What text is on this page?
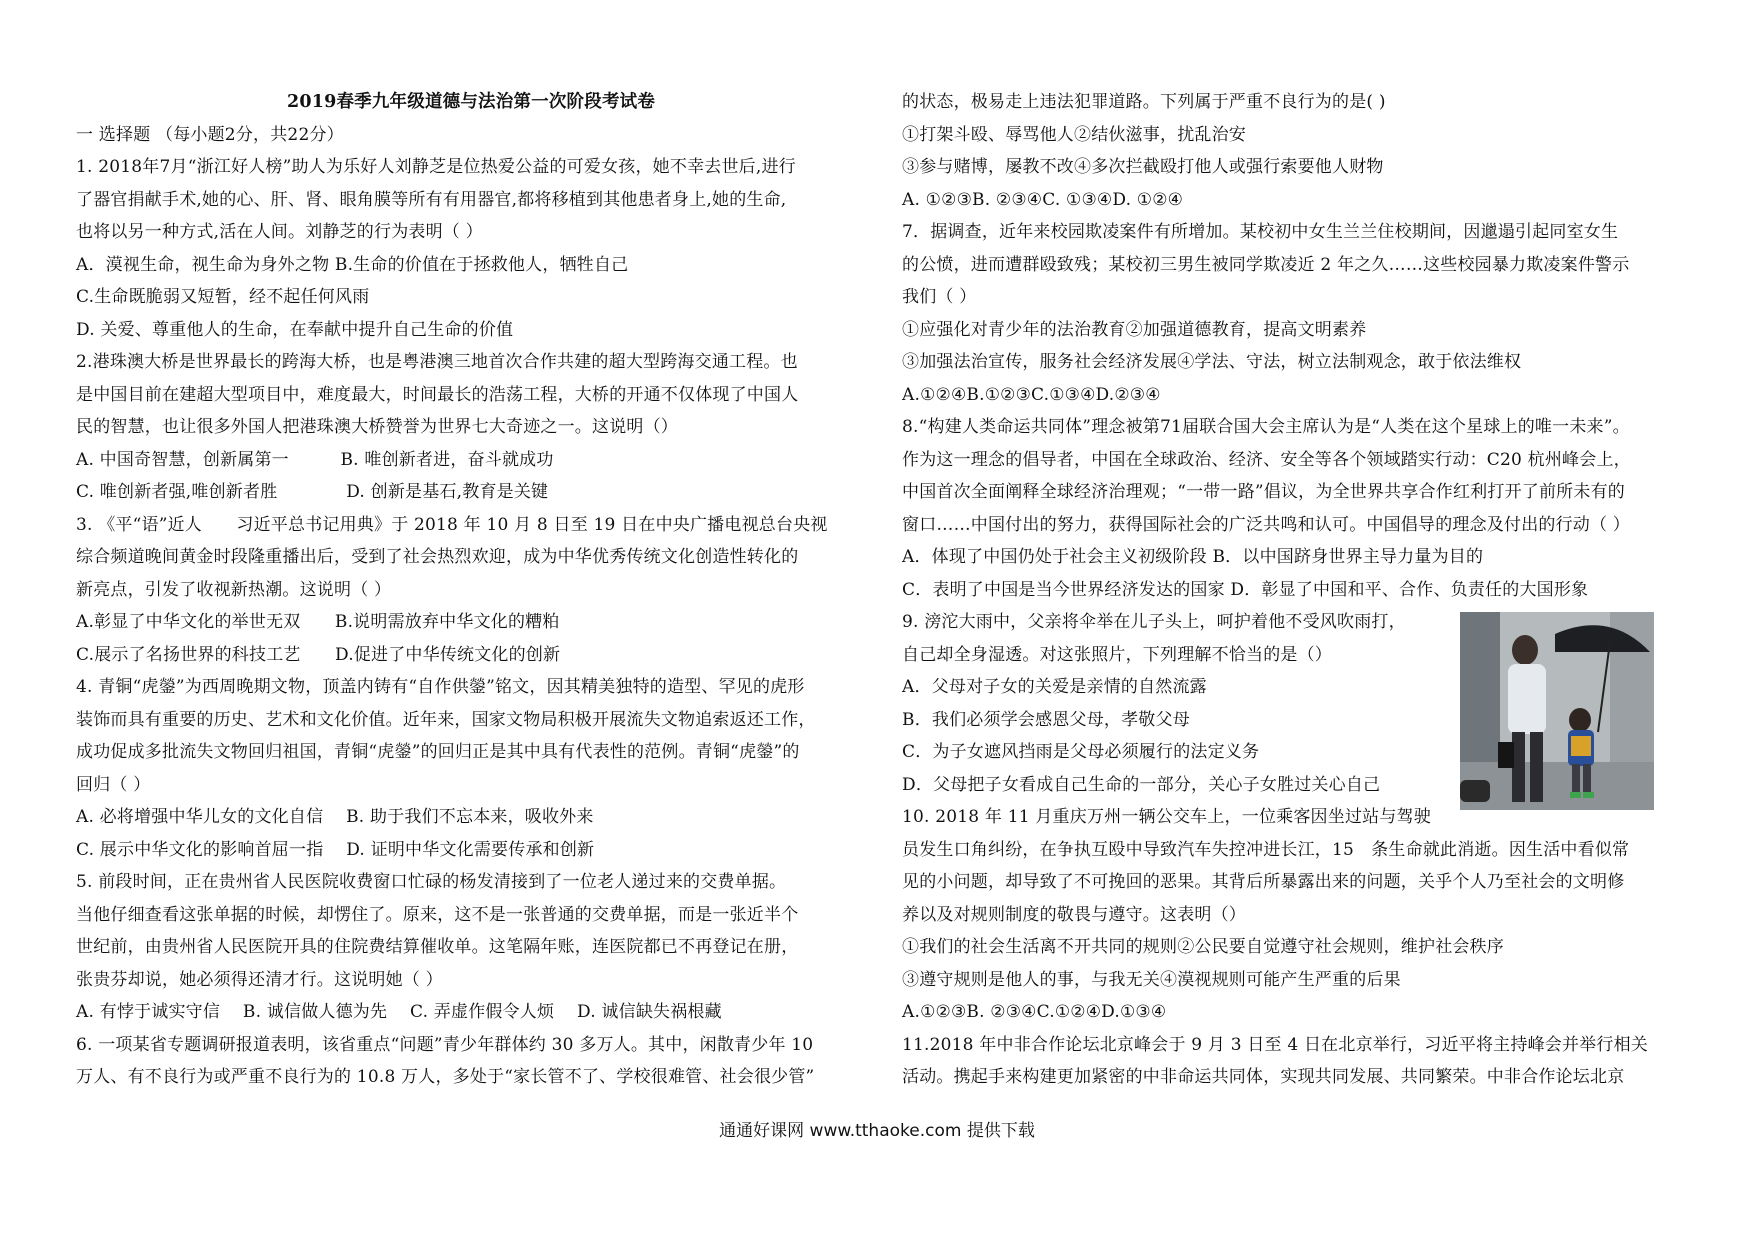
2019春季九年级道德与法治第一次阶段考试卷
一 选择题 （每小题2分，共22分）
1. 2018年7月“浙江好人榜”助人为乐好人刘静芝是位热爱公益的可爱女孩，她不幸去世后,进行
了器官捐献手术,她的心、肝、肾、眼角膜等所有有用器官,都将移植到其他患者身上,她的生命,
也将以另一种方式,活在人间。刘静芝的行为表明（ ）
A．漠视生命，视生命为身外之物 B.生命的价值在于拯救他人，牺牲自己
C.生命既脆弱又短暂，经不起任何风雨
D. 关爱、尊重他人的生命，在奉献中提升自己生命的价值
2.港珠澳大桥是世界最长的跨海大桥，也是粤港澳三地首次合作共建的超大型跨海交通工程。也
是中国目前在建超大型项目中，难度最大，时间最长的浩荡工程，大桥的开通不仅体现了中国人
民的智慧，也让很多外国人把港珠澳大桥赞誉为世界七大奇迹之一。这说明（）
A. 中国奇智慧，创新属第一　　　B. 唯创新者进，奋斗就成功
C. 唯创新者强,唯创新者胜　　　　D. 创新是基石,教育是关键
3. 《平“语”近人　　习近平总书记用典》于 2018 年 10 月 8 日至 19 日在中央广播电视总台央视
综合频道晚间黄金时段隆重播出后，受到了社会热烈欢迎，成为中华优秀传统文化创造性转化的
新亮点，引发了收视新热潮。这说明（ ）
A.彰显了中华文化的举世无双　　B.说明需放弃中华文化的糟粕
C.展示了名扬世界的科技工艺　　D.促进了中华传统文化的创新
4. 青铜“虎鎣”为西周晚期文物，顶盖内铸有“自作供鎣”铭文，因其精美独特的造型、罕见的虎形
装饰而具有重要的历史、艺术和文化价值。近年来，国家文物局积极开展流失文物追索返还工作，
成功促成多批流失文物回归祖国，青铜“虎鎣”的回归正是其中具有代表性的范例。青铜“虎鎣”的
回归（ ）
A. 必将增强中华儿女的文化自信　 B. 助于我们不忘本来，吸收外来
C. 展示中华文化的影响首屈一指　 D. 证明中华文化需要传承和创新
5. 前段时间，正在贵州省人民医院收费窗口忙碌的杨发清接到了一位老人递过来的交费单据。
当他仔细查看这张单据的时候，却愣住了。原来，这不是一张普通的交费单据，而是一张近半个
世纪前，由贵州省人民医院开具的住院费结算催收单。这笔隔年账，连医院都已不再登记在册，
张贵芬却说，她必须得还清才行。这说明她（ ）
A. 有悖于诚实守信　 B. 诚信做人德为先　 C. 弄虚作假令人烦　 D. 诚信缺失祸根藏
6. 一项某省专题调研报道表明，该省重点“问题”青少年群体约 30 多万人。其中，闲散青少年 10
万人、有不良行为或严重不良行为的 10.8 万人，多处于“家长管不了、学校很难管、社会很少管”
的状态，极易走上违法犯罪道路。下列属于严重不良行为的是( )
①打架斗殴、辱骂他人②结伙滋事，扰乱治安
③参与赌博，屡教不改④多次拦截殴打他人或强行索要他人财物
A. ①②③B. ②③④C. ①③④D. ①②④
7．据调查，近年来校园欺凌案件有所增加。某校初中女生兰兰住校期间，因邋遢引起同室女生
的公愤，进而遭群殴致残；某校初三男生被同学欺凌近 2 年之久……这些校园暴力欺凌案件警示
我们（ ）
①应强化对青少年的法治教育②加强道德教育，提高文明素养
③加强法治宣传，服务社会经济发展④学法、守法，树立法制观念，敢于依法维权
A.①②④B.①②③C.①③④D.②③④
8.“构建人类命运共同体”理念被第71届联合国大会主席认为是“人类在这个星球上的唯一未来”。
作为这一理念的倡导者，中国在全球政治、经济、安全等各个领域踏实行动：C20 杭州峰会上，
中国首次全面阐释全球经济治理观；“一带一路”倡议，为全世界共享合作红利打开了前所未有的
窗口……中国付出的努力，获得国际社会的广泛共鸣和认可。中国倡导的理念及付出的行动（ ）
A．体现了中国仍处于社会主义初级阶段 B．以中国跻身世界主导力量为目的
C．表明了中国是当今世界经济发达的国家 D．彰显了中国和平、合作、负责任的大国形象
9. 滂沱大雨中，父亲将伞举在儿子头上，呵护着他不受风吹雨打，
自己却全身湿透。对这张照片，下列理解不恰当的是（）
A．父母对子女的关爱是亲情的自然流露
B．我们必须学会感恩父母，孝敬父母
C．为子女遮风挡雨是父母必须履行的法定义务
D．父母把子女看成自己生命的一部分，关心子女胜过关心自己
10. 2018 年 11 月重庆万州一辆公交车上，一位乘客因坐过站与驾驶
员发生口角纠纷，在争执互殴中导致汽车失控冲进长江，15　条生命就此消逝。因生活中看似常
见的小问题，却导致了不可挽回的恶果。其背后所暴露出来的问题，关乎个人乃至社会的文明修
养以及对规则制度的敬畏与遵守。这表明（）
①我们的社会生活离不开共同的规则②公民要自觉遵守社会规则，维护社会秩序
③遵守规则是他人的事，与我无关④漠视规则可能产生严重的后果
A.①②③B. ②③④C.①②④D.①③④
11.2018 年中非合作论坛北京峰会于 9 月 3 日至 4 日在北京举行，习近平将主持峰会并举行相关
活动。携起手来构建更加紧密的中非命运共同体，实现共同发展、共同繁荣。中非合作论坛北京
通通好课网 www.tthaoke.com 提供下载
